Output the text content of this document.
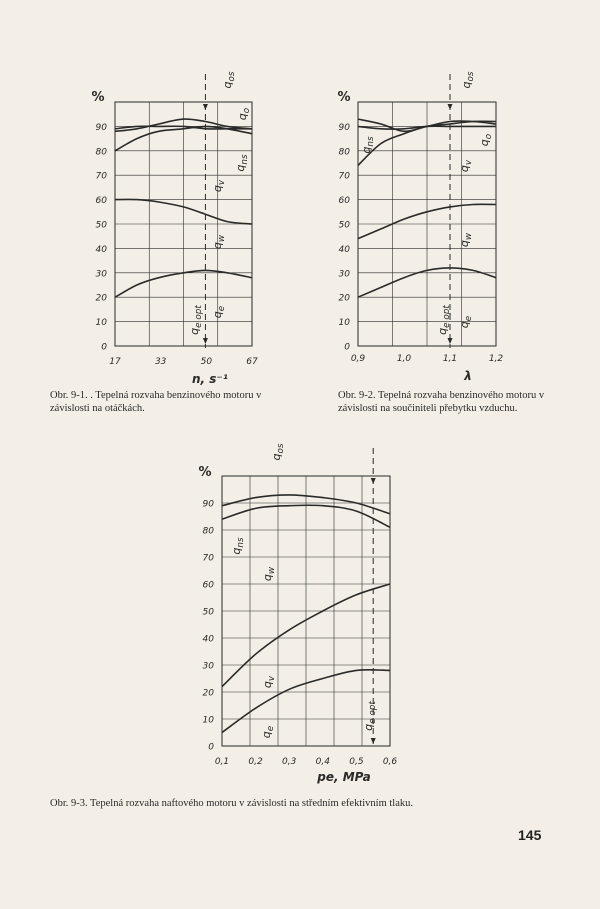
0
10
20
30
40
50
60
70
80
90
17	33	50	67
%
n, s⁻¹
$q_{os}$
$q_o$
$q_{ns}$
$q_v$
$q_w$
$q_e$
$q_{e opt}$
0
10
20
30
40
50
60
70
80
90
0,9	1,0	1,1	1,2
%
λ
$q_{os}$
$q_{ns}$	$q_o$
$q_v$
$q_w$
$q_e$
$q_{e opt}$
0
10
20
30
40
50
60
70
80
90
0,1 0,2 0,3 0,4 0,5 0,6
%
pe, MPa
$q_{os}$
$q_{ns}$
$q_w$
$q_v$
$q_e$	$q_{e opt}$

Obr. 9-1. . Tepelná rozvaha benzinového motoru v závislosti na otáčkách.

Obr. 9-2. Tepelná rozvaha benzinového motoru v závislosti na součiniteli přebytku vzduchu.

Obr. 9-3. Tepelná rozvaha naftového motoru v závislosti na středním efektivním tlaku.

145
